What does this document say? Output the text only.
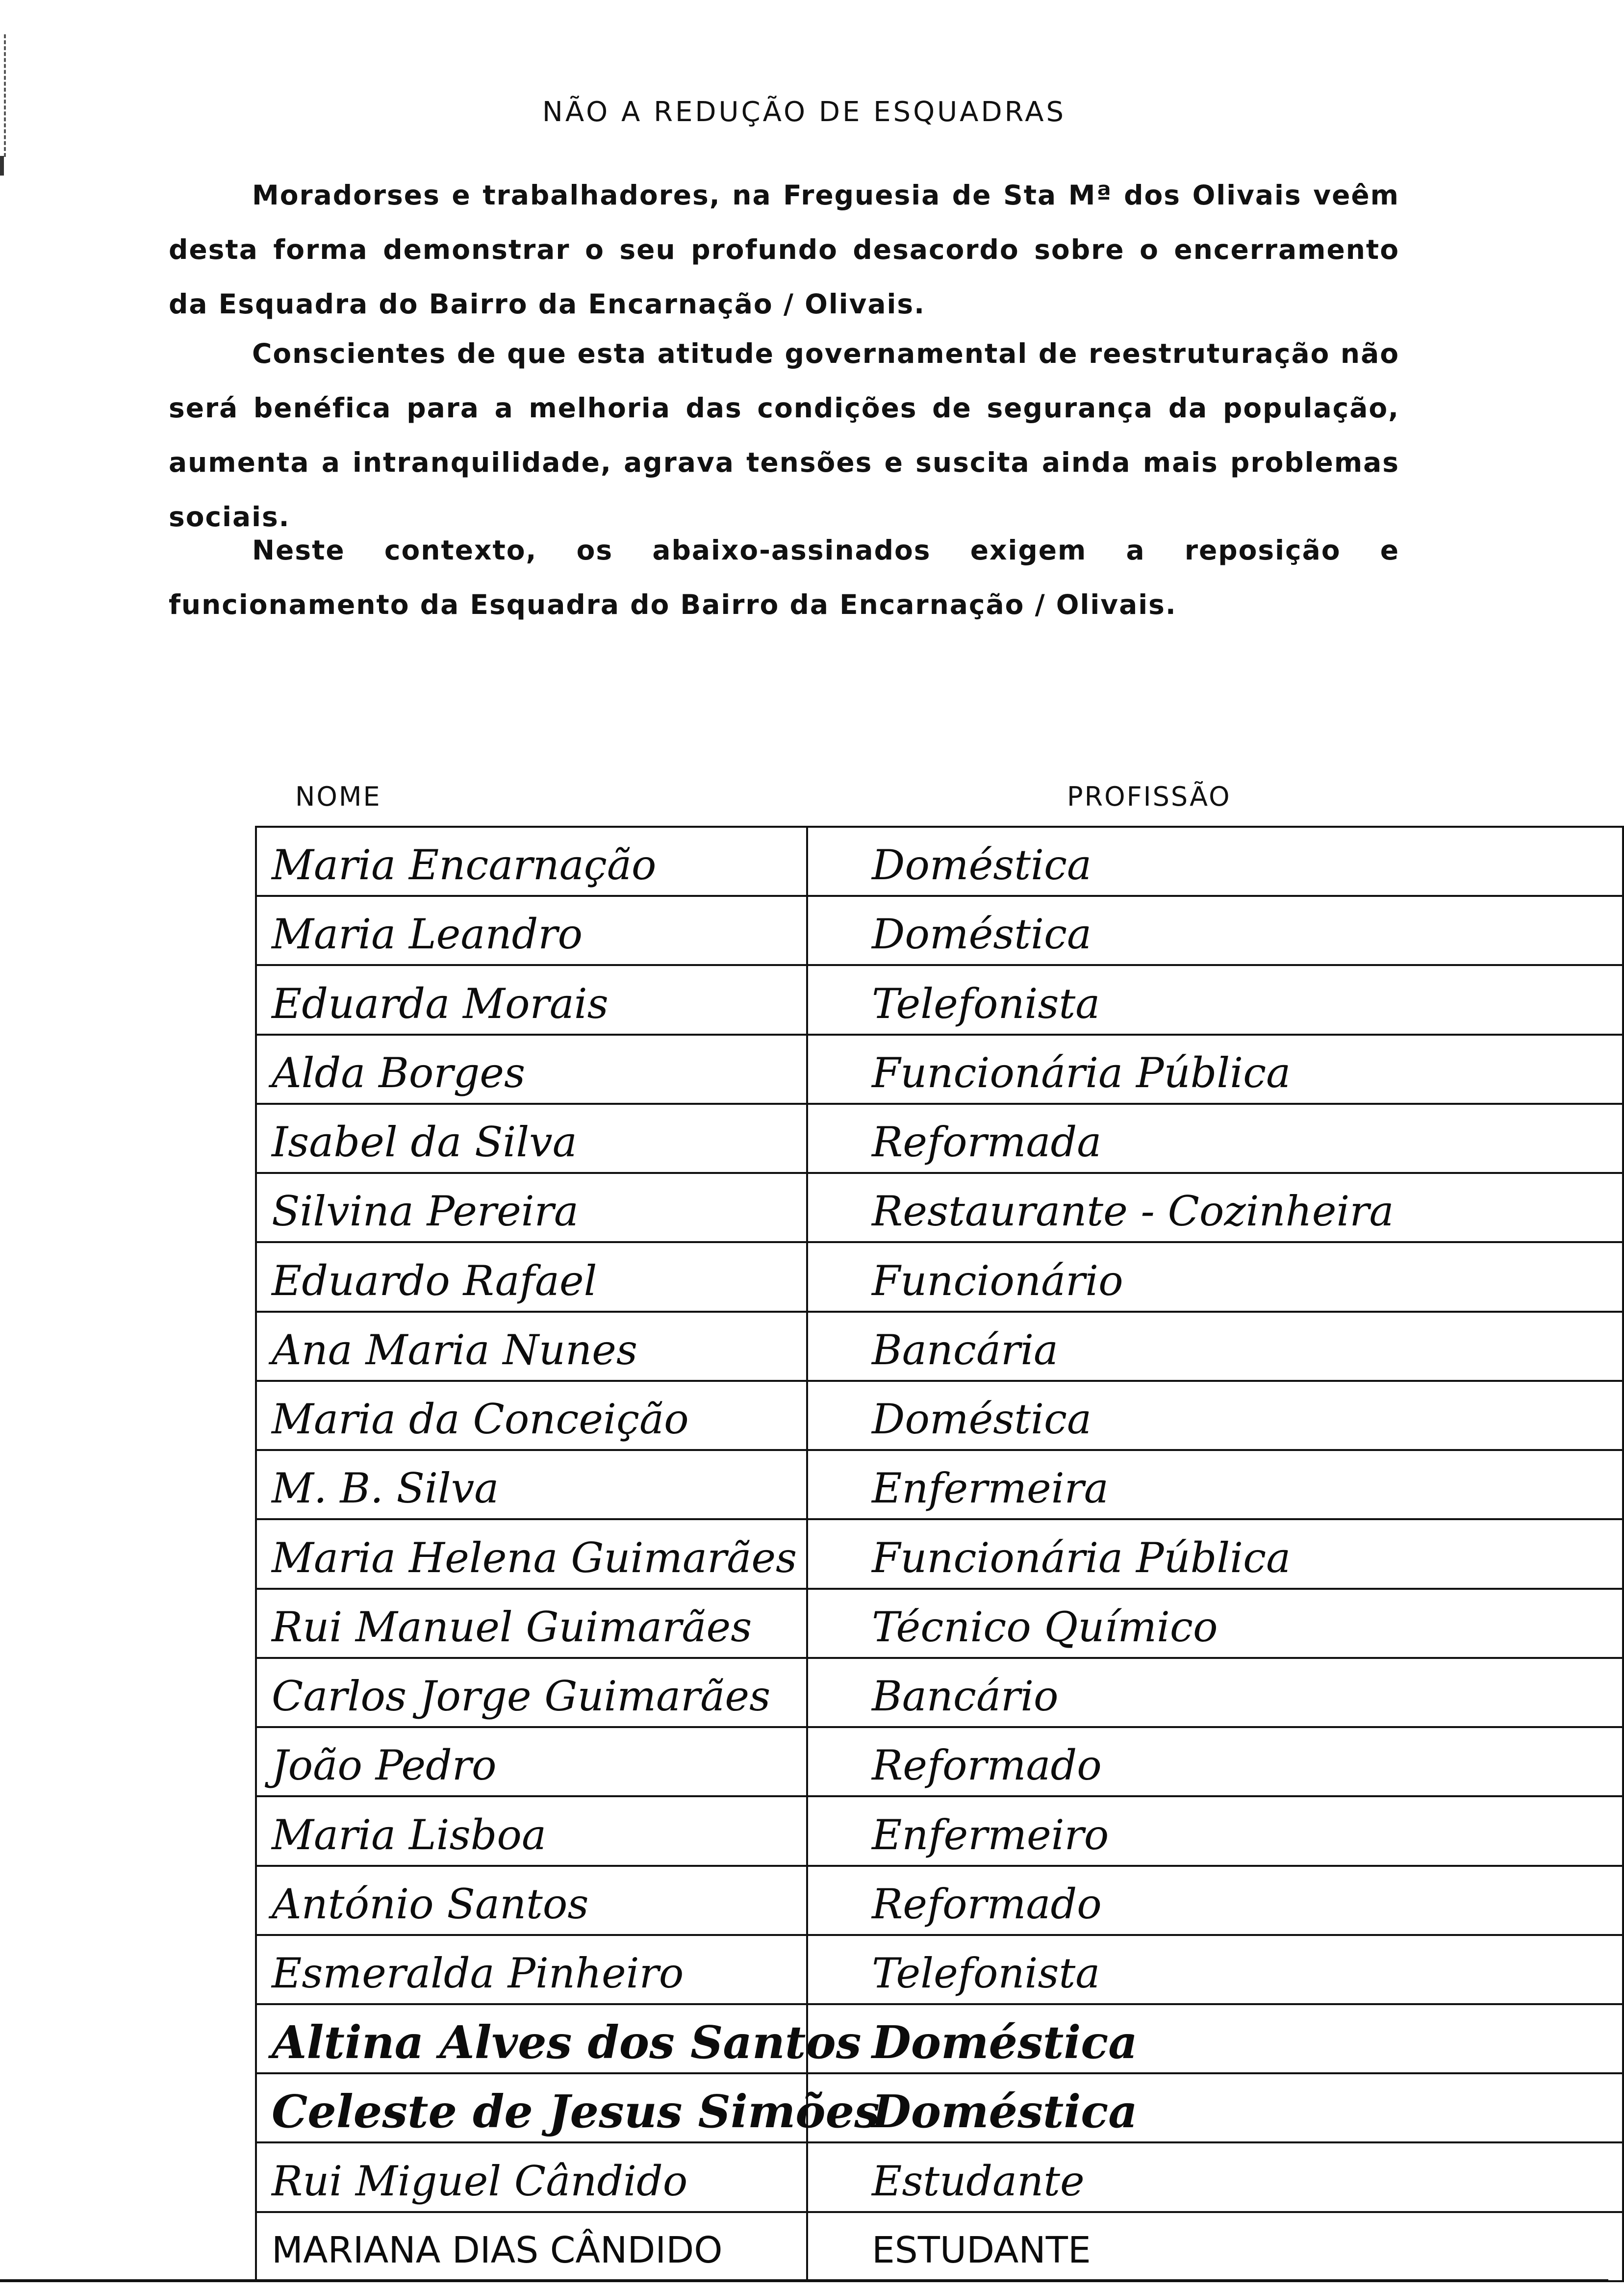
NÃO A REDUÇÃO DE ESQUADRAS

Moradorses e trabalhadores, na Freguesia de Sta Mª dos Olivais veêm desta forma demonstrar o seu profundo desacordo sobre o encerramento da Esquadra do Bairro da Encarnação / Olivais.

Conscientes de que esta atitude governamental de reestruturação não será benéfica para a melhoria das condições de segurança da população, aumenta a intranquilidade, agrava tensões e suscita ainda mais problemas sociais.

Neste contexto, os abaixo-assinados exigem a reposição e funcionamento da Esquadra do Bairro da Encarnação / Olivais.

NOME	PROFISSÃO
Maria Encarnação	Doméstica
Maria Leandro	Doméstica
Eduarda Morais	Telefonista
Alda Borges	Funcionária Pública
Isabel da Silva	Reformada
Silvina Pereira	Restaurante - Cozinheira
Eduardo Rafael	Funcionário
Ana Maria Nunes	Bancária
Maria da Conceição	Doméstica
M. B. Silva	Enfermeira
Maria Helena Guimarães	Funcionária Pública
Rui Manuel Guimarães	Técnico Químico
Carlos Jorge Guimarães	Bancário
João Pedro	Reformado
Maria Lisboa	Enfermeiro
António Santos	Reformado
Esmeralda Pinheiro	Telefonista
Altina Alves dos Santos	Doméstica
Celeste de Jesus Simões	Doméstica
Rui Miguel Cândido	Estudante
MARIANA DIAS CÂNDIDO	ESTUDANTE
